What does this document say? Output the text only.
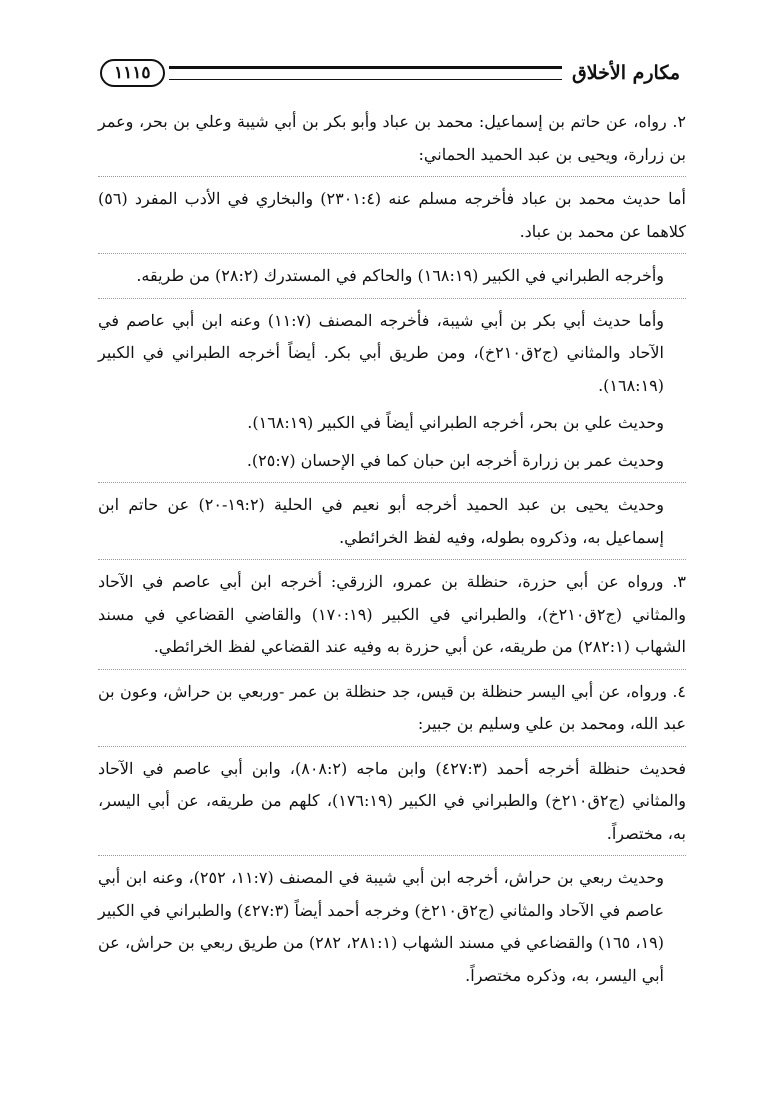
مكارم الأخلاق
١١١٥

٢. رواه، عن حاتم بن إسماعيل: محمد بن عباد وأبو بكر بن أبي شيبة وعلي بن بحر، وعمر بن زرارة، ويحيى بن عبد الحميد الحماني:

أما حديث محمد بن عباد فأخرجه مسلم عنه (٢٣٠١:٤) والبخاري في الأدب المفرد (٥٦) كلاهما عن محمد بن عباد.

وأخرجه الطبراني في الكبير (١٦٨:١٩) والحاكم في المستدرك (٢٨:٢) من طريقه.

وأما حديث أبي بكر بن أبي شيبة، فأخرجه المصنف (١١:٧) وعنه ابن أبي عاصم في الآحاد والمثاني (ج٢ق٢١٠خ)، ومن طريق أبي بكر. أيضاً أخرجه الطبراني في الكبير (١٦٨:١٩).

وحديث علي بن بحر، أخرجه الطبراني أيضاً في الكبير (١٦٨:١٩).

وحديث عمر بن زرارة أخرجه ابن حبان كما في الإحسان (٢٥:٧).

وحديث يحيى بن عبد الحميد أخرجه أبو نعيم في الحلية (١٩:٢-٢٠) عن حاتم ابن إسماعيل به، وذكروه بطوله، وفيه لفظ الخرائطي.

٣. ورواه عن أبي حزرة، حنظلة بن عمرو، الزرقي: أخرجه ابن أبي عاصم في الآحاد والمثاني (ج٢ق٢١٠خ)، والطبراني في الكبير (١٧٠:١٩) والقاضي القضاعي في مسند الشهاب (٢٨٢:١) من طريقه، عن أبي حزرة به وفيه عند القضاعي لفظ الخرائطي.

٤. ورواه، عن أبي اليسر حنظلة بن قيس، جد حنظلة بن عمر -وربعي بن حراش، وعون بن عبد الله، ومحمد بن علي وسليم بن جبير:

فحديث حنظلة أخرجه أحمد (٤٢٧:٣) وابن ماجه (٨٠٨:٢)، وابن أبي عاصم في الآحاد والمثاني (ج٢ق٢١٠خ) والطبراني في الكبير (١٧٦:١٩)، كلهم من طريقه، عن أبي اليسر، به، مختصراً.

وحديث ربعي بن حراش، أخرجه ابن أبي شيبة في المصنف (١١:٧، ٢٥٢)، وعنه ابن أبي عاصم في الآحاد والمثاني (ج٢ق٢١٠خ) وخرجه أحمد أيضاً (٤٢٧:٣) والطبراني في الكبير (١٩، ١٦٥) والقضاعي في مسند الشهاب (٢٨١:١، ٢٨٢) من طريق ربعي بن حراش، عن أبي اليسر، به، وذكره مختصراً.
